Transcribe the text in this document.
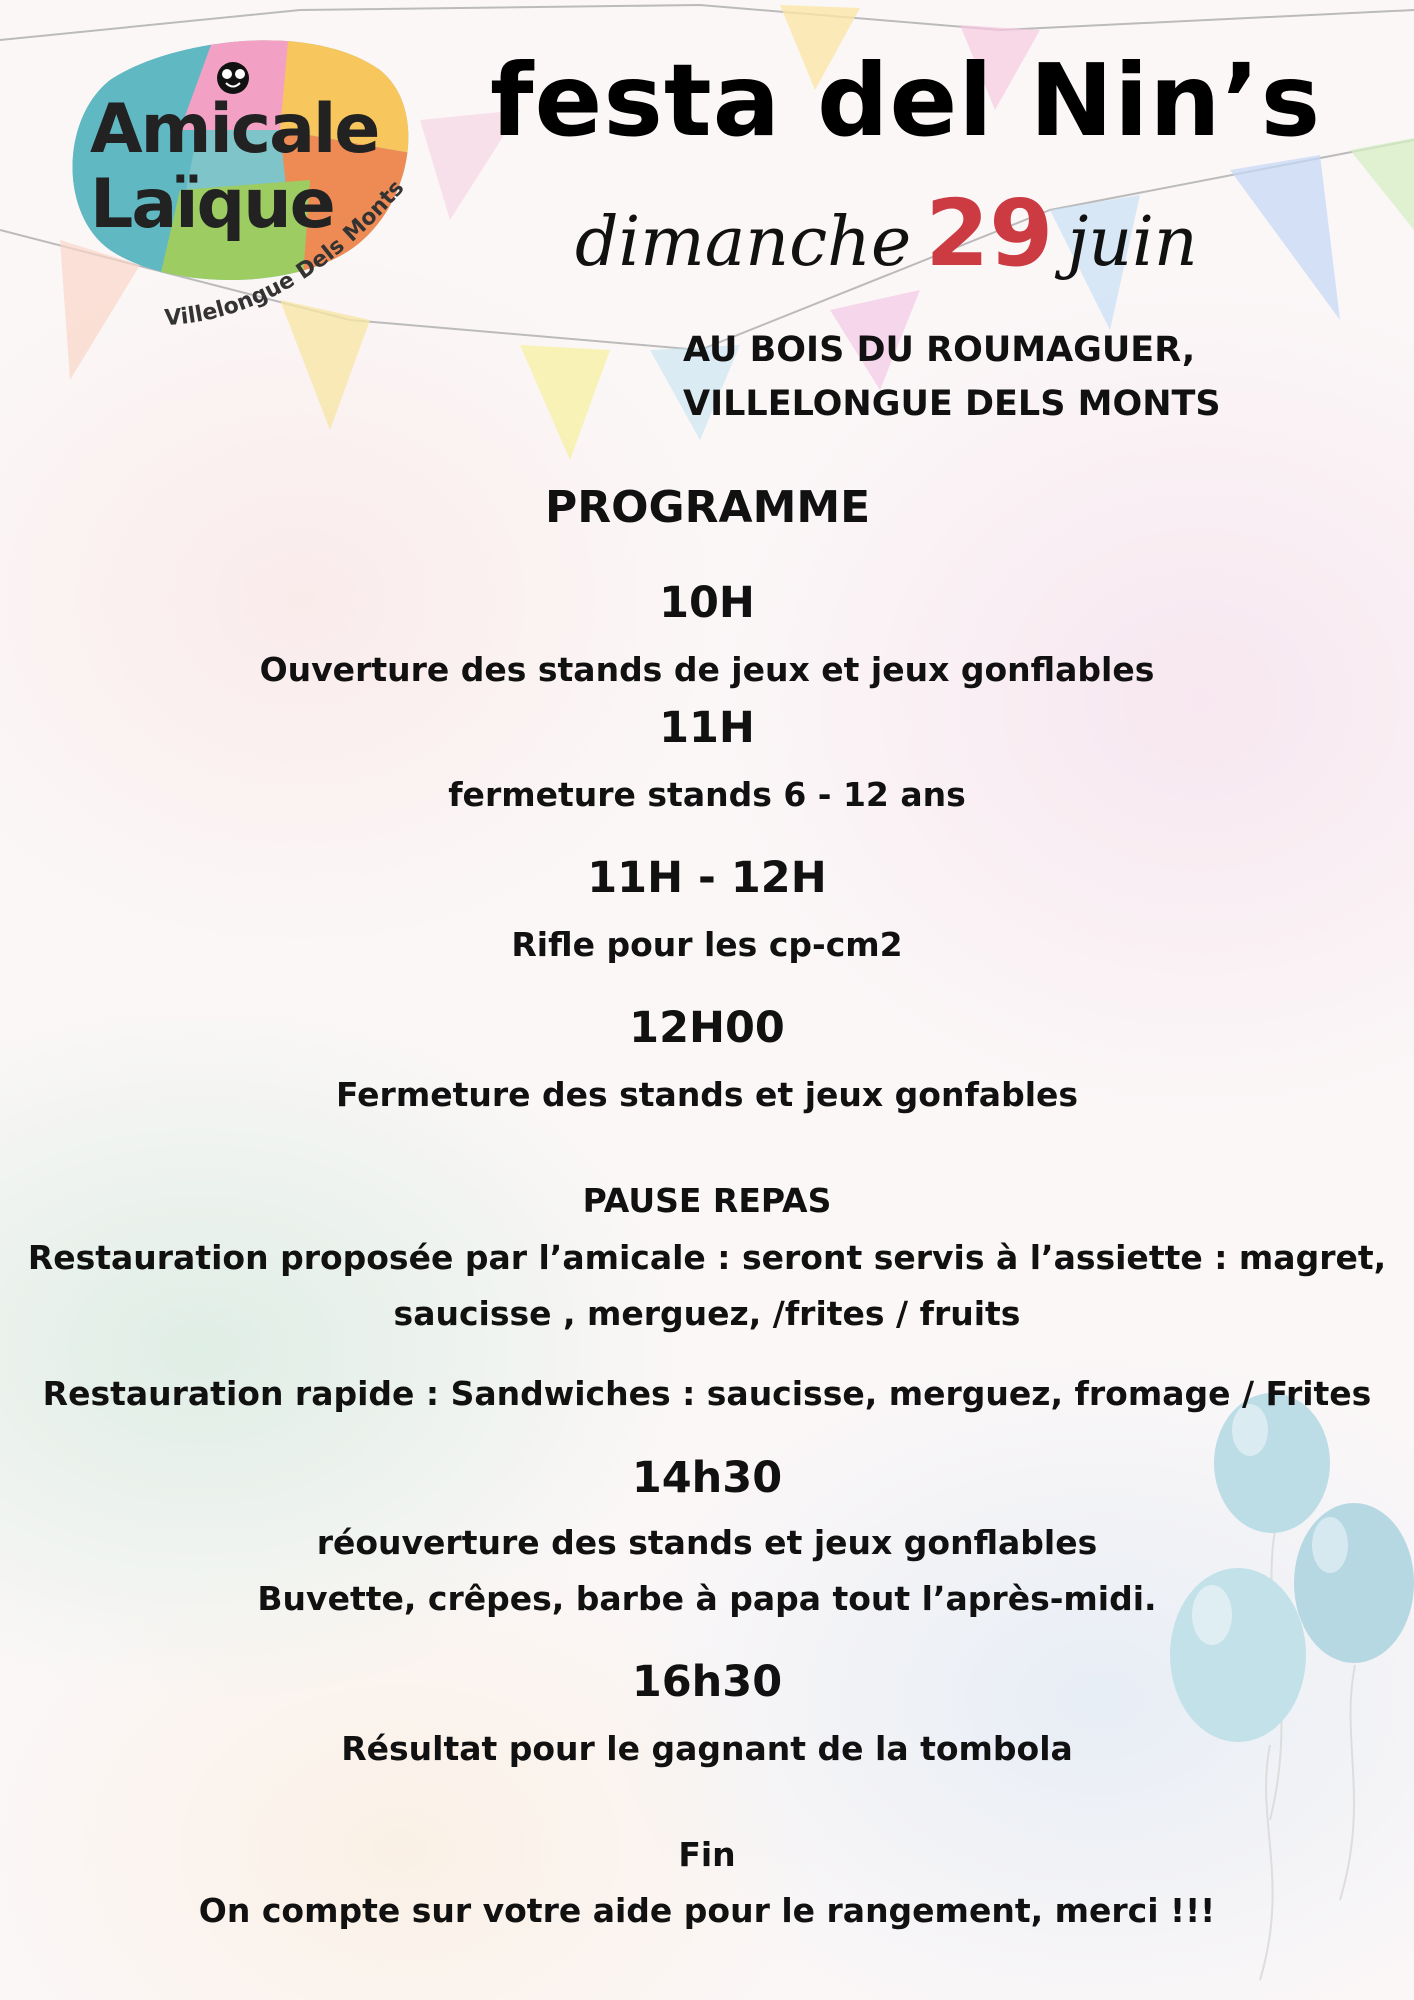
Amicale
Laïque
Villelongue Dels Monts
festa del Nin’s
dimanche 29 juin
AU BOIS DU ROUMAGUER,
VILLELONGUE DELS MONTS
PROGRAMME
10H
Ouverture des stands de jeux et jeux gonflables
11H
fermeture stands 6 - 12 ans
11H - 12H
Rifle pour les cp-cm2
12H00
Fermeture des stands et jeux gonfables
PAUSE REPAS
Restauration proposée par l’amicale : seront servis à l’assiette : magret,
saucisse , merguez, /frites / fruits
Restauration rapide : Sandwiches : saucisse, merguez, fromage / Frites
14h30
réouverture des stands et jeux gonflables
Buvette, crêpes, barbe à papa tout l’après-midi.
16h30
Résultat pour le gagnant de la tombola
Fin
On compte sur votre aide pour le rangement, merci !!!
